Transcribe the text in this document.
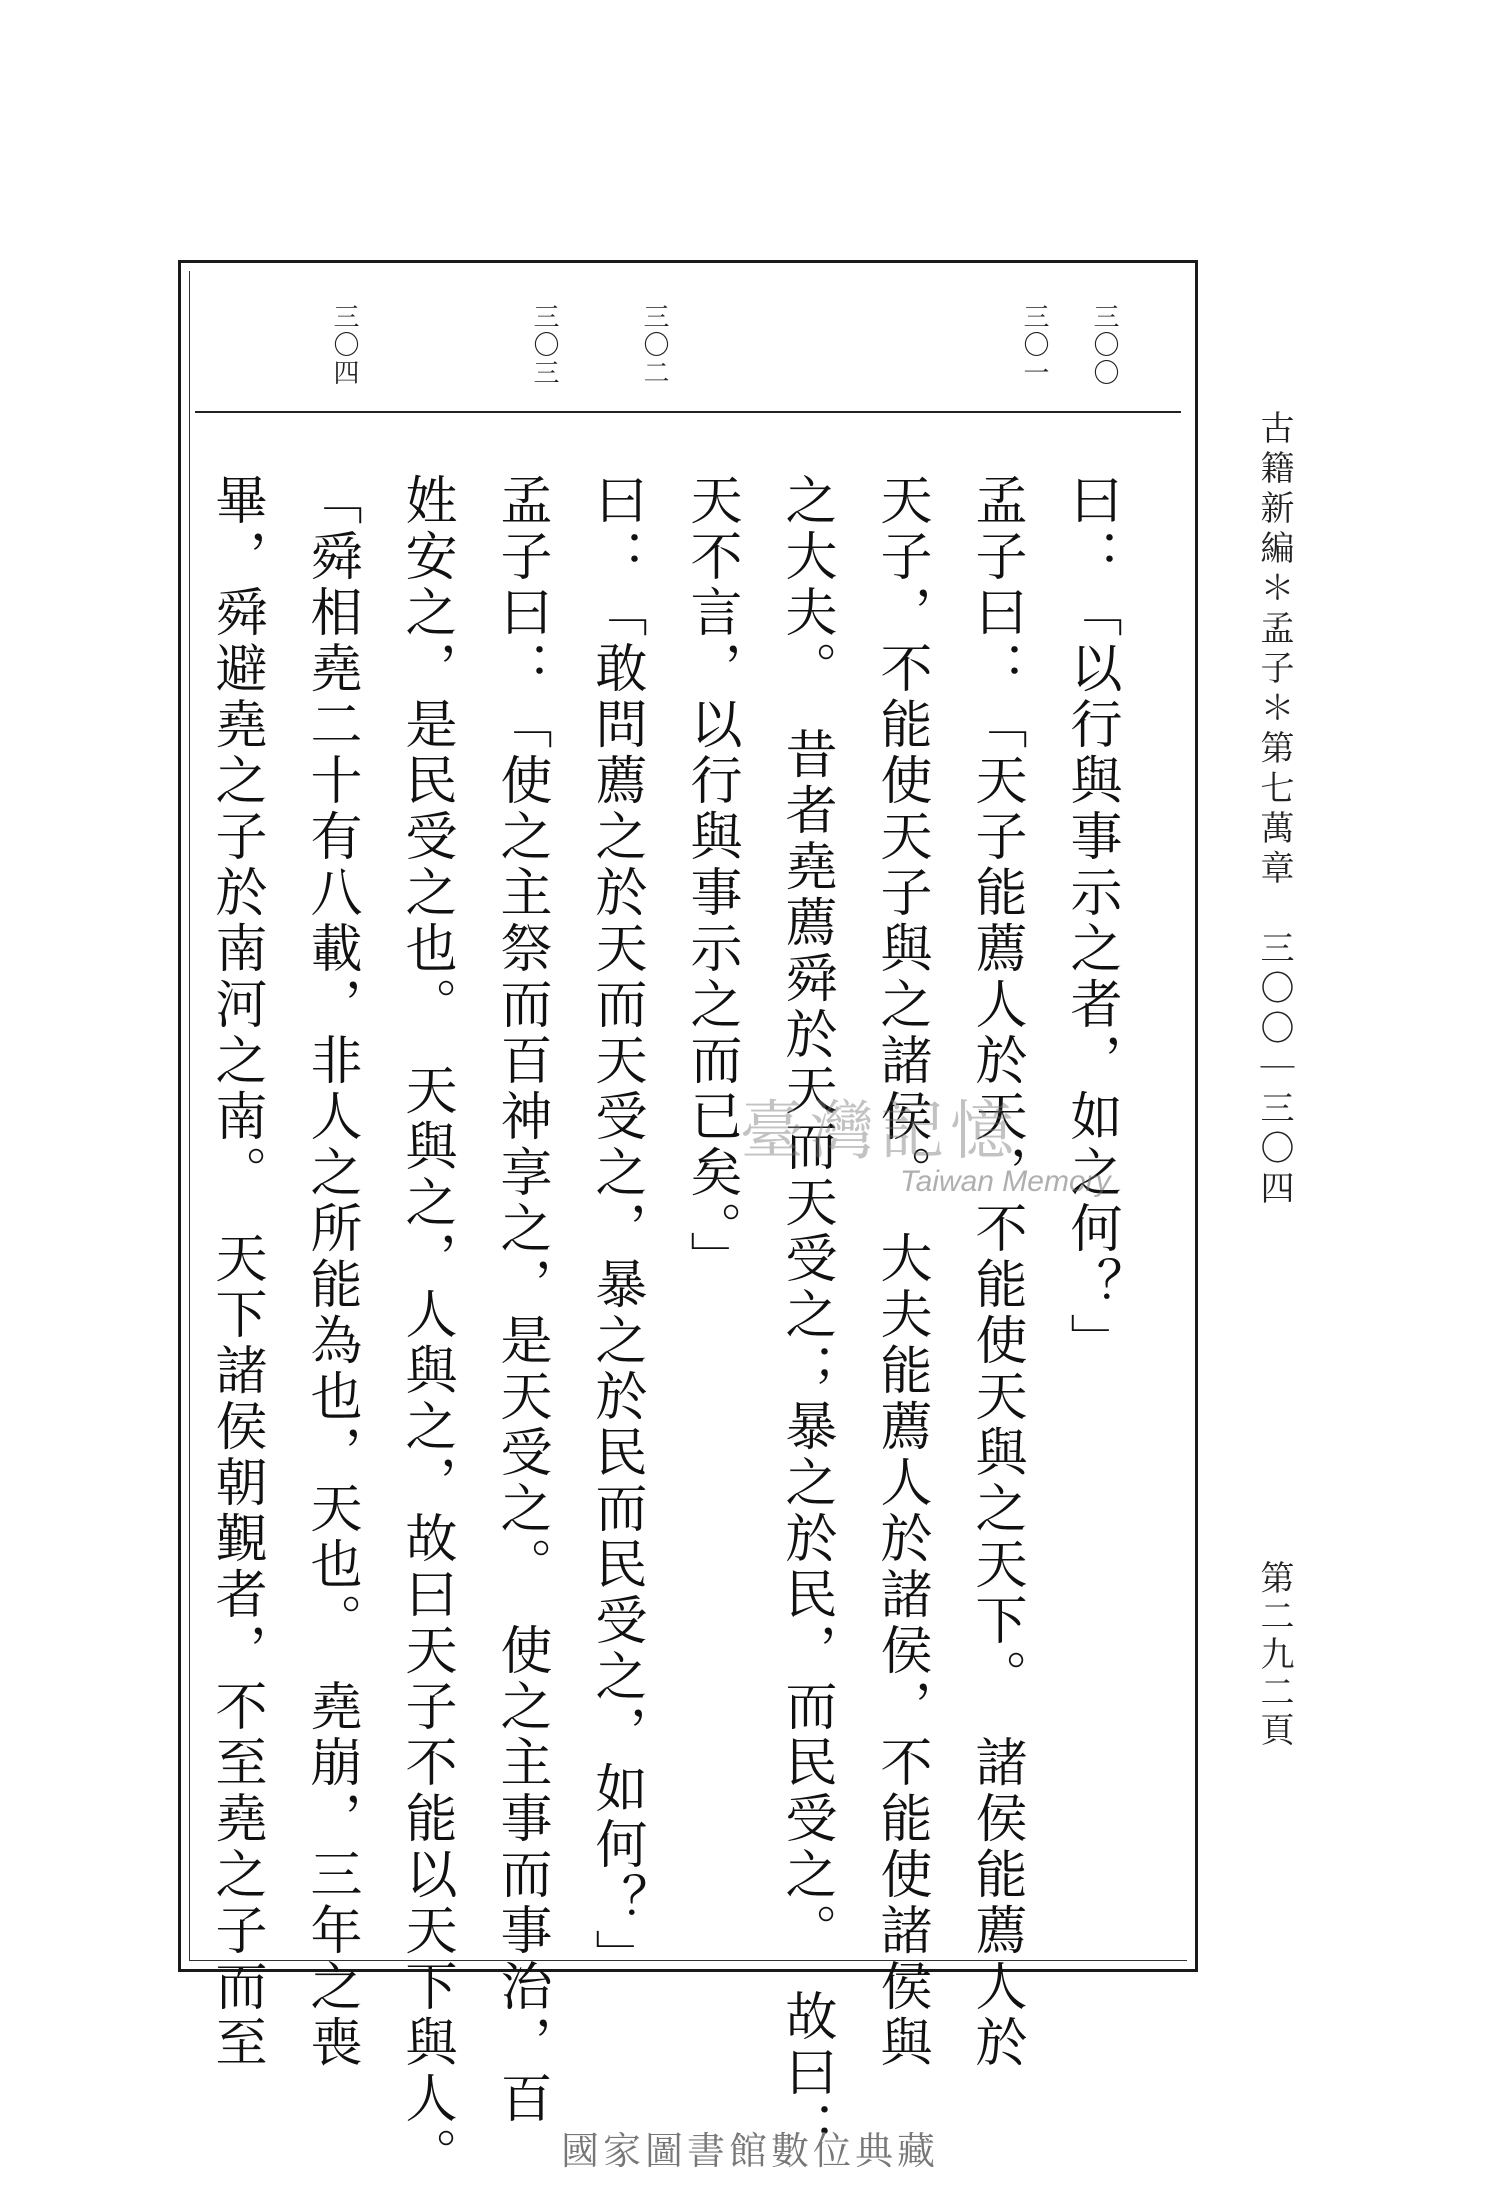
三〇〇
三〇一
三〇二
三〇三
三〇四
曰：「以行與事示之者，如之何？」
孟子曰：「天子能薦人於天，不能使天與之天下。　諸侯能薦人於
天子，不能使天子與之諸侯。　大夫能薦人於諸侯，不能使諸侯與
之大夫。　昔者堯薦舜於天而天受之；暴之於民，而民受之。　故曰：
天不言，以行與事示之而已矣。」
曰：「敢問薦之於天而天受之，暴之於民而民受之，如何？」
孟子曰：「使之主祭而百神享之，是天受之。　使之主事而事治，百
姓安之，是民受之也。　天與之，人與之，故曰天子不能以天下與人。
「舜相堯二十有八載，非人之所能為也，天也。　堯崩，三年之喪
畢，舜避堯之子於南河之南。　天下諸侯朝覲者，不至堯之子而至	古籍新編＊孟子＊第七萬章　三〇〇｜三〇四
第二九二頁
臺灣記憶
Taiwan Memory
國家圖書館數位典藏
